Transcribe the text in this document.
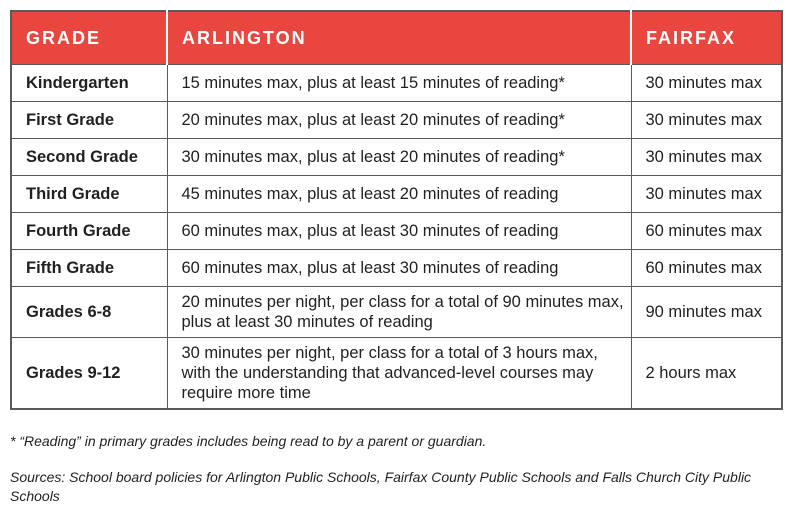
GRADE	ARLINGTON	FAIRFAX
Kindergarten	15 minutes max, plus at least 15 minutes of reading*	30 minutes max
First Grade	20 minutes max, plus at least 20 minutes of reading*	30 minutes max
Second Grade	30 minutes max, plus at least 20 minutes of reading*	30 minutes max
Third Grade	45 minutes max, plus at least 20 minutes of reading	30 minutes max
Fourth Grade	60 minutes max, plus at least 30 minutes of reading	60 minutes max
Fifth Grade	60 minutes max, plus at least 30 minutes of reading	60 minutes max
Grades 6-8	20 minutes per night, per class for a total of 90 minutes max, plus at least 30 minutes of reading	90 minutes max
Grades 9-12	30 minutes per night, per class for a total of 3 hours max, with the understanding that advanced-level courses may require more time	2 hours max

* “Reading” in primary grades includes being read to by a parent or guardian.

Sources: School board policies for Arlington Public Schools, Fairfax County Public Schools and Falls Church City Public Schools
